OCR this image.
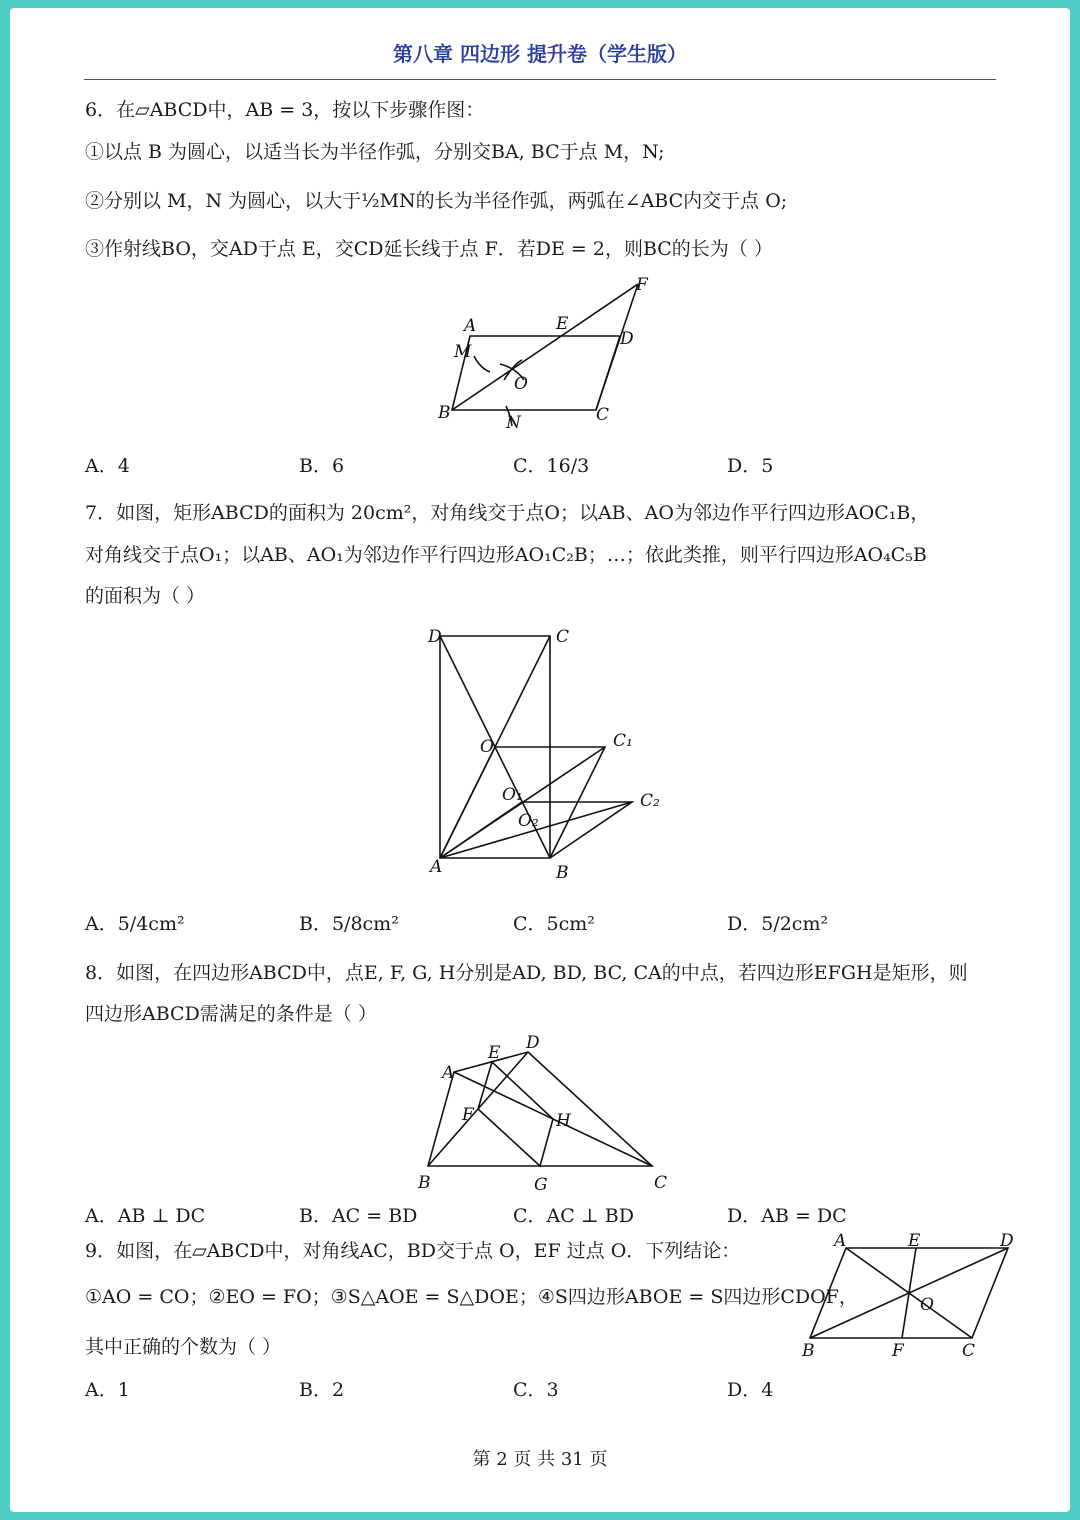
第八章 四边形 提升卷（学生版）
6．在▱ABCD中，AB = 3，按以下步骤作图：
①以点 B 为圆心，以适当长为半径作弧，分别交BA, BC于点 M，N;
②分别以 M，N 为圆心，以大于½MN的长为半径作弧，两弧在∠ABC内交于点 O;
③作射线BO，交AD于点 E，交CD延长线于点 F．若DE = 2，则BC的长为（ ）
A
B	C
D
E
F
M
N
O
A．4	B．6	C．16/3	D．5
7．如图，矩形ABCD的面积为 20cm²，对角线交于点O；以AB、AO为邻边作平行四边形AOC₁B，
对角线交于点O₁；以AB、AO₁为邻边作平行四边形AO₁C₂B；…；依此类推，则平行四边形AO₄C₅B
的面积为（ ）
D	C
A	B
O
O₁
O₂
C₁
C₂
A．5/4cm²	B．5/8cm²	C．5cm²	D．5/2cm²
8．如图，在四边形ABCD中，点E, F, G, H分别是AD, BD, BC, CA的中点，若四边形EFGH是矩形，则
四边形ABCD需满足的条件是（ ）
A
B	C
D
E
F
G
H
A．AB ⊥ DC	B．AC = BD	C．AC ⊥ BD	D．AB = DC
9．如图，在▱ABCD中，对角线AC，BD交于点 O，EF 过点 O．下列结论：
①AO = CO；②EO = FO；③S△AOE = S△DOE；④S四边形ABOE = S四边形CDOF，
其中正确的个数为（ ）
A	E	D
B	F	C
O
A．1	B．2	C．3	D．4
第 2 页 共 31 页
